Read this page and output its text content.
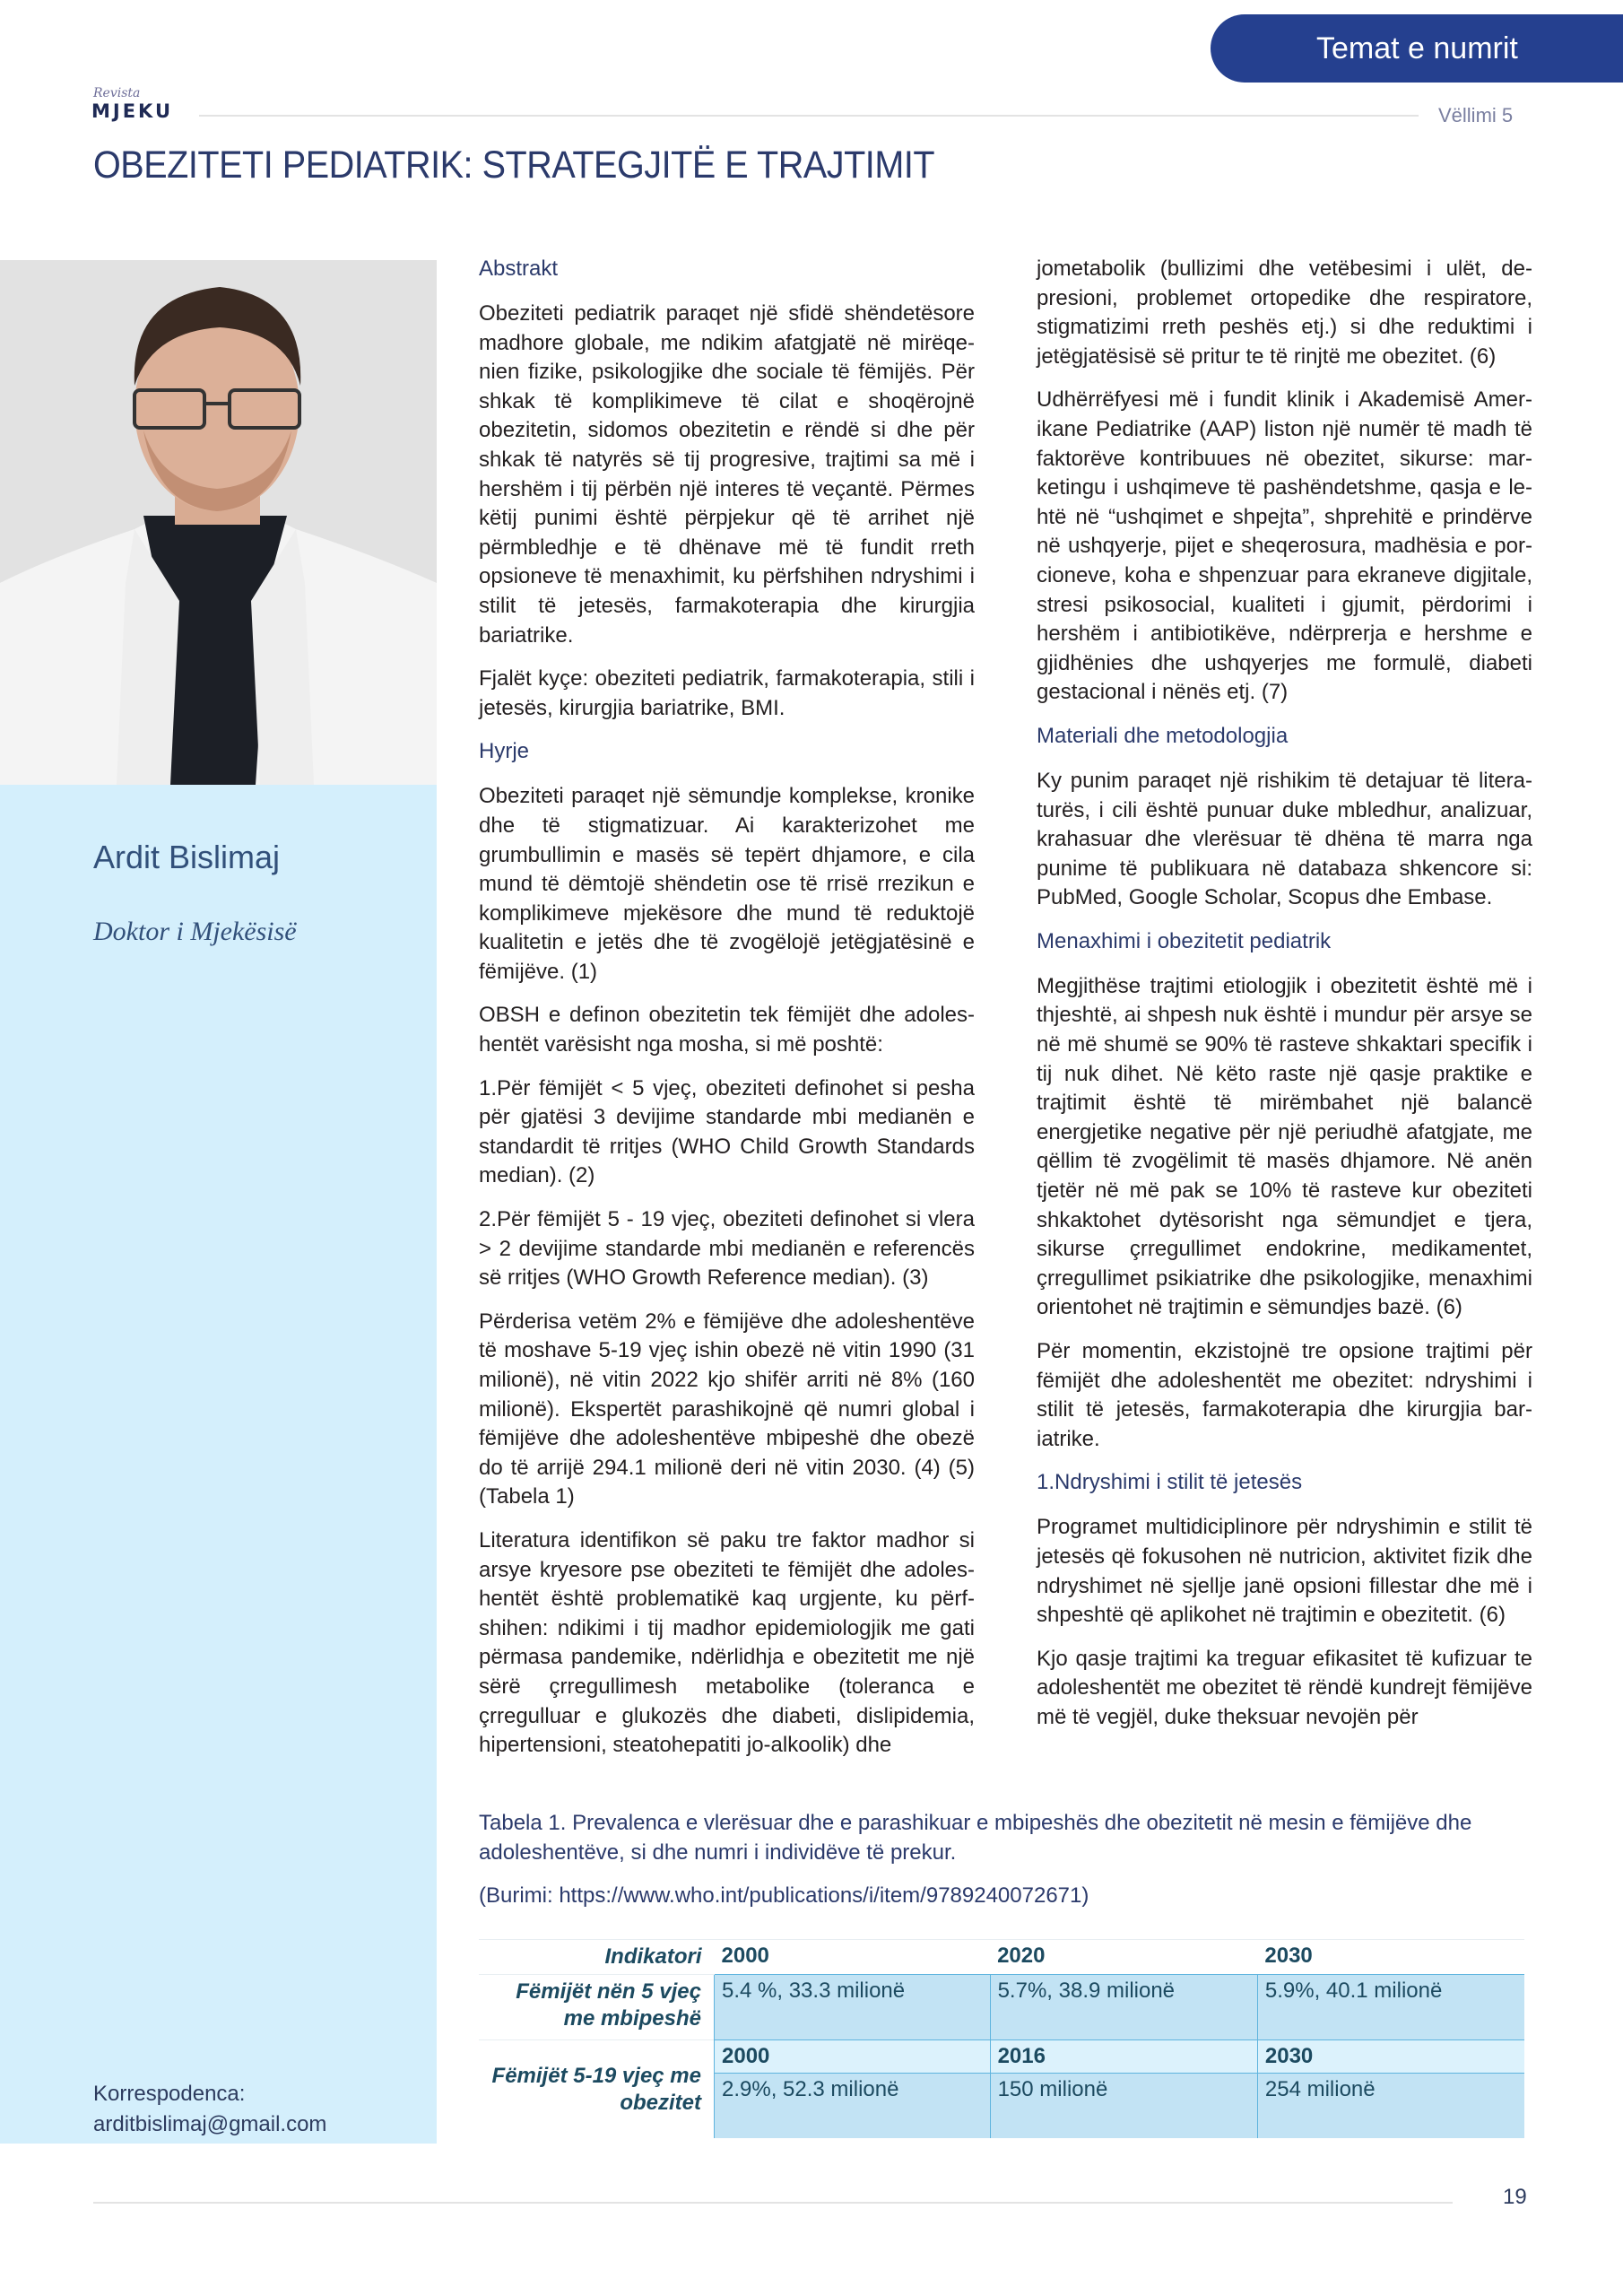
Temat e numrit
Revista
MJEKU	Vëllimi 5
OBEZITETI PEDIATRIK: STRATEGJITË E TRAJTIMIT
Ardit Bislimaj
Doktor i Mjekësisë
Korrespodenca:
arditbislimaj@gmail.com
Abstrakt

Obeziteti pediatrik paraqet një sfidë shëndetësore madhore globale, me ndikim afatgjatë në mirëqenien fizike, psikologjike dhe sociale të fëmijës. Për shkak të komplikimeve të cilat e shoqërojnë obezitetin, sidomos obezitetin e rëndë si dhe për shkak të natyrës së tij progresive, trajtimi sa më i hershëm i tij përbën një interes të veçantë. Përmes këtij punimi është përpjekur që të arrihet një përmbledhje e të dhënave më të fundit rreth opsioneve të menaxhimit, ku përfshihen ndryshimi i stilit të jetesës, farmakoterapia dhe kirurgjia bariatrike.

Fjalët kyçe: obeziteti pediatrik, farmakoterapia, stili i jetesës, kirurgjia bariatrike, BMI.

Hyrje

Obeziteti paraqet një sëmundje komplekse, kronike dhe të stigmatizuar. Ai karakterizohet me grumbullimin e masës së tepërt dhjamore, e cila mund të dëmtojë shëndetin ose të rrisë rrezikun e komplikimeve mjekësore dhe mund të reduktojë kualitetin e jetës dhe të zvogëlojë jetëgjatësinë e fëmijëve. (1)

OBSH e definon obezitetin tek fëmijët dhe adoleshentët varësisht nga mosha, si më poshtë:

1.Për fëmijët < 5 vjeç, obeziteti definohet si pesha për gjatësi 3 devijime standarde mbi medianën e standardit të rritjes (WHO Child Growth Standards median). (2)

2.Për fëmijët 5 - 19 vjeç, obeziteti definohet si vlera > 2 devijime standarde mbi medianën e referencës së rritjes (WHO Growth Reference median). (3)

Përderisa vetëm 2% e fëmijëve dhe adoleshentëve të moshave 5-19 vjeç ishin obezë në vitin 1990 (31 milionë), në vitin 2022 kjo shifër arriti në 8% (160 milionë). Ekspertët parashikojnë që numri global i fëmijëve dhe adoleshentëve mbipeshë dhe obezë do të arrijë 294.1 milionë deri në vitin 2030. (4) (5) (Tabela 1)

Literatura identifikon së paku tre faktor madhor si arsye kryesore pse obeziteti te fëmijët dhe adoleshentët është problematikë kaq urgjente, ku përfshihen: ndikimi i tij madhor epidemiologjik me gati përmasa pandemike, ndërlidhja e obezitetit me një sërë çrregullimesh metabolike (toleranca e çrregulluar e glukozës dhe diabeti, dislipidemia, hipertensioni, steatohepatiti jo-alkoolik) dhe

jometabolik (bullizimi dhe vetëbesimi i ulët, depresioni, problemet ortopedike dhe respiratore, stigmatizimi rreth peshës etj.) si dhe reduktimi i jetëgjatësisë së pritur te të rinjtë me obezitet. (6)

Udhërrëfyesi më i fundit klinik i Akademisë Amerikane Pediatrike (AAP) liston një numër të madh të faktorëve kontribuues në obezitet, sikurse: marketingu i ushqimeve të pashëndetshme, qasja e lehtë në “ushqimet e shpejta”, shprehitë e prindërve në ushqyerje, pijet e sheqerosura, madhësia e porcioneve, koha e shpenzuar para ekraneve digjitale, stresi psikosocial, kualiteti i gjumit, përdorimi i hershëm i antibiotikëve, ndërprerja e hershme e gjidhënies dhe ushqyerjes me formulë, diabeti gestacional i nënës etj. (7)

Materiali dhe metodologjia

Ky punim paraqet një rishikim të detajuar të literaturës, i cili është punuar duke mbledhur, analizuar, krahasuar dhe vlerësuar të dhëna të marra nga punime të publikuara në databaza shkencore si: PubMed, Google Scholar, Scopus dhe Embase.

Menaxhimi i obezitetit pediatrik

Megjithëse trajtimi etiologjik i obezitetit është më i thjeshtë, ai shpesh nuk është i mundur për arsye se në më shumë se 90% të rasteve shkaktari specifik i tij nuk dihet. Në këto raste një qasje praktike e trajtimit është të mirëmbahet një balancë energjetike negative për një periudhë afatgjate, me qëllim të zvogëlimit të masës dhjamore. Në anën tjetër në më pak se 10% të rasteve kur obeziteti shkaktohet dytësorisht nga sëmundjet e tjera, sikurse çrregullimet endokrine, medikamentet, çrregullimet psikiatrike dhe psikologjike, menaxhimi orientohet në trajtimin e sëmundjes bazë. (6)

Për momentin, ekzistojnë tre opsione trajtimi për fëmijët dhe adoleshentët me obezitet: ndryshimi i stilit të jetesës, farmakoterapia dhe kirurgjia bariatrike.

1.Ndryshimi i stilit të jetesës

Programet multidiciplinore për ndryshimin e stilit të jetesës që fokusohen në nutricion, aktivitet fizik dhe ndryshimet në sjellje janë opsioni fillestar dhe më i shpeshtë që aplikohet në trajtimin e obezitetit. (6)

Kjo qasje trajtimi ka treguar efikasitet të kufizuar te adoleshentët me obezitet të rëndë kundrejt fëmijëve më të vegjël, duke theksuar nevojën për

Tabela 1. Prevalenca e vlerësuar dhe e parashikuar e mbipeshës dhe obezitetit në mesin e fëmijëve dhe adoleshentëve, si dhe numri i individëve të prekur.
(Burimi: https://www.who.int/publications/i/item/9789240072671)
Indikatori	2000	2020	2030
Fëmijët nën 5 vjeç me mbipeshë	5.4 %, 33.3 milionë	5.7%, 38.9 milionë	5.9%, 40.1 milionë
Fëmijët 5-19 vjeç me obezitet	2000	2016	2030
	2.9%, 52.3 milionë	150 milionë	254 milionë
19
